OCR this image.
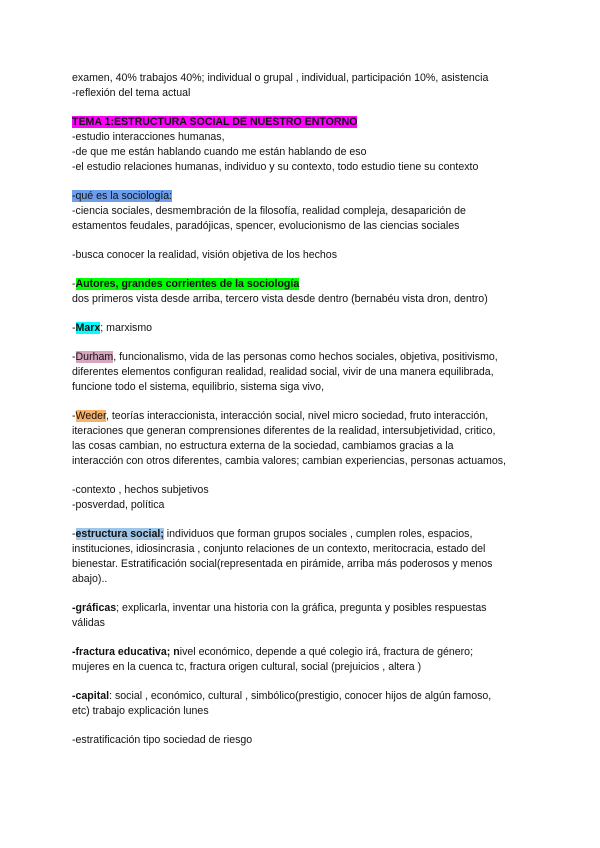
examen, 40% trabajos 40%; individual o grupal , individual, participación 10%, asistencia
-reflexión del tema actual
TEMA 1:ESTRUCTURA SOCIAL DE NUESTRO ENTORNO
-estudio interacciones humanas,
-de que me están hablando cuando me están hablando de eso
-el estudio relaciones humanas, individuo y su contexto, todo estudio tiene su contexto
-qué es la sociología:
-ciencia sociales, desmembración de la filosofía, realidad compleja, desaparición de
estamentos feudales, paradójicas, spencer, evolucionismo de las ciencias sociales
-busca conocer la realidad, visión objetiva de los hechos
-Autores, grandes corrientes de la sociología
dos primeros vista desde arriba, tercero vista desde dentro (bernabéu vista dron, dentro)
-Marx; marxismo
-Durham, funcionalismo, vida de las personas como hechos sociales, objetiva, positivismo,
diferentes elementos configuran realidad, realidad social, vivir de una manera equilibrada,
funcione todo el sistema, equilibrio, sistema siga vivo,
-Weder, teorías interaccionista, interacción social, nivel micro sociedad, fruto interacción,
iteraciones que generan comprensiones diferentes de la realidad, intersubjetividad, critico,
las cosas cambian, no estructura externa de la sociedad, cambiamos gracias a la
interacción con otros diferentes, cambia valores; cambian experiencias, personas actuamos,
-contexto , hechos subjetivos
-posverdad, política
-estructura social; individuos que forman grupos sociales , cumplen roles, espacios,
instituciones, idiosincrasia , conjunto relaciones de un contexto, meritocracia, estado del
bienestar. Estratificación social(representada en pirámide, arriba más poderosos y menos
abajo)..
-gráficas; explicarla, inventar una historia con la gráfica, pregunta y posibles respuestas
válidas
-fractura educativa; nivel económico, depende a qué colegio irá, fractura de género;
mujeres en la cuenca tc, fractura origen cultural, social (prejuicios , altera )
-capital: social , económico, cultural , simbólico(prestigio, conocer hijos de algún famoso,
etc) trabajo explicación lunes
-estratificación tipo sociedad de riesgo
